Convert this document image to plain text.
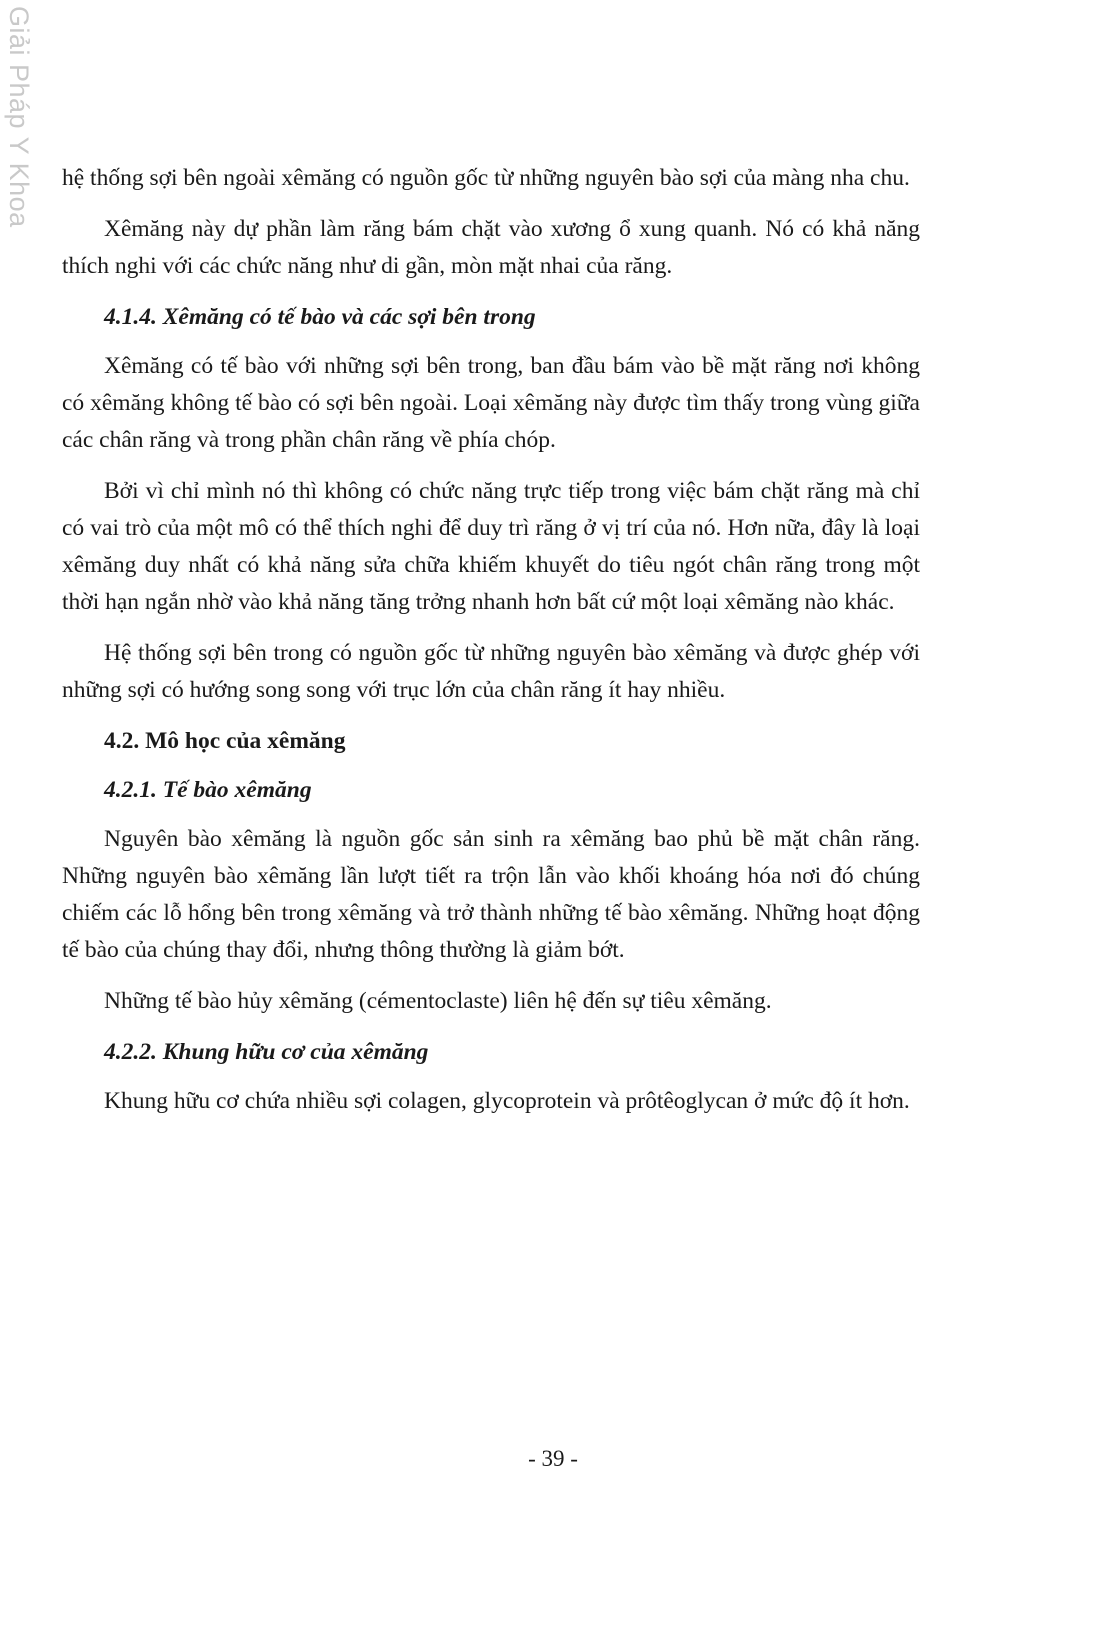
Giải Pháp Y Khoa hệ thống sợi bên ngoài xêmăng có nguồn gốc từ những nguyên bào sợi của màng nha chu.

Xêmăng này dự phần làm răng bám chặt vào xương ổ xung quanh. Nó có khả năng thích nghi với các chức năng như di gần, mòn mặt nhai của răng.

4.1.4. Xêmăng có tế bào và các sợi bên trong

Xêmăng có tế bào với những sợi bên trong, ban đầu bám vào bề mặt răng nơi không có xêmăng không tế bào có sợi bên ngoài. Loại xêmăng này được tìm thấy trong vùng giữa các chân răng và trong phần chân răng về phía chóp.

Bởi vì chỉ mình nó thì không có chức năng trực tiếp trong việc bám chặt răng mà chỉ có vai trò của một mô có thể thích nghi để duy trì răng ở vị trí của nó. Hơn nữa, đây là loại xêmăng duy nhất có khả năng sửa chữa khiếm khuyết do tiêu ngót chân răng trong một thời hạn ngắn nhờ vào khả năng tăng trởng nhanh hơn bất cứ một loại xêmăng nào khác.

Hệ thống sợi bên trong có nguồn gốc từ những nguyên bào xêmăng và được ghép với những sợi có hướng song song với trục lớn của chân răng ít hay nhiều.

4.2. Mô học của xêmăng
4.2.1. Tế bào xêmăng

Nguyên bào xêmăng là nguồn gốc sản sinh ra xêmăng bao phủ bề mặt chân răng. Những nguyên bào xêmăng lần lượt tiết ra trộn lẫn vào khối khoáng hóa nơi đó chúng chiếm các lỗ hổng bên trong xêmăng và trở thành những tế bào xêmăng. Những hoạt động tế bào của chúng thay đổi, nhưng thông thường là giảm bớt.

Những tế bào hủy xêmăng (cémentoclaste) liên hệ đến sự tiêu xêmăng.

4.2.2. Khung hữu cơ của xêmăng

Khung hữu cơ chứa nhiều sợi colagen, glycoprotein và prôtêoglycan ở mức độ ít hơn.

- 39 -
